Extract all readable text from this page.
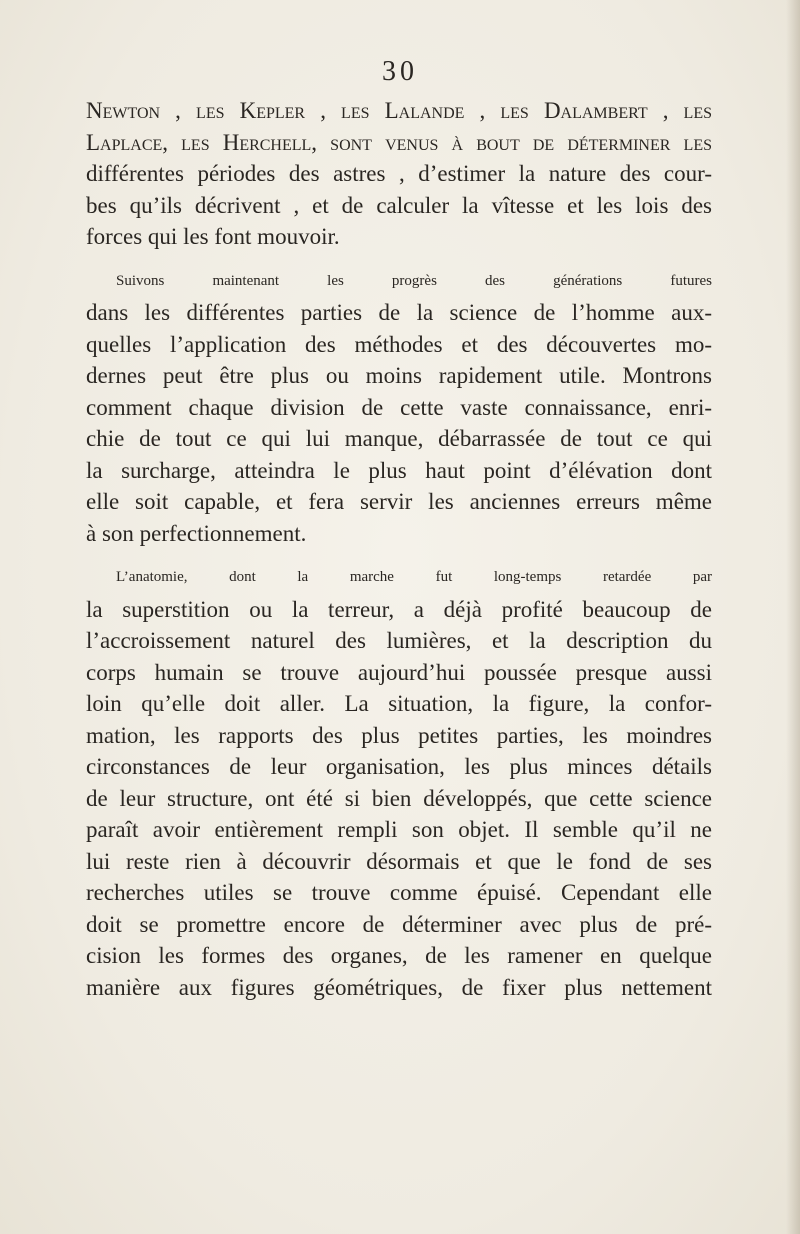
30

Newton , les Kepler , les Lalande , les Dalambert , les
Laplace, les Herchell, sont venus à bout de déterminer les
différentes périodes des astres , d’estimer la nature des cour-
bes qu’ils décrivent , et de calculer la vîtesse et les lois des
forces qui les font mouvoir.

Suivons maintenant les progrès des générations futures
dans les différentes parties de la science de l’homme aux-
quelles l’application des méthodes et des découvertes mo-
dernes peut être plus ou moins rapidement utile. Montrons
comment chaque division de cette vaste connaissance, enri-
chie de tout ce qui lui manque, débarrassée de tout ce qui
la surcharge, atteindra le plus haut point d’élévation dont
elle soit capable, et fera servir les anciennes erreurs même
à son perfectionnement.

L’anatomie, dont la marche fut long-temps retardée par
la superstition ou la terreur, a déjà profité beaucoup de
l’accroissement naturel des lumières, et la description du
corps humain se trouve aujourd’hui poussée presque aussi
loin qu’elle doit aller. La situation, la figure, la confor-
mation, les rapports des plus petites parties, les moindres
circonstances de leur organisation, les plus minces détails
de leur structure, ont été si bien développés, que cette science
paraît avoir entièrement rempli son objet. Il semble qu’il ne
lui reste rien à découvrir désormais et que le fond de ses
recherches utiles se trouve comme épuisé. Cependant elle
doit se promettre encore de déterminer avec plus de pré-
cision les formes des organes, de les ramener en quelque
manière aux figures géométriques, de fixer plus nettement
